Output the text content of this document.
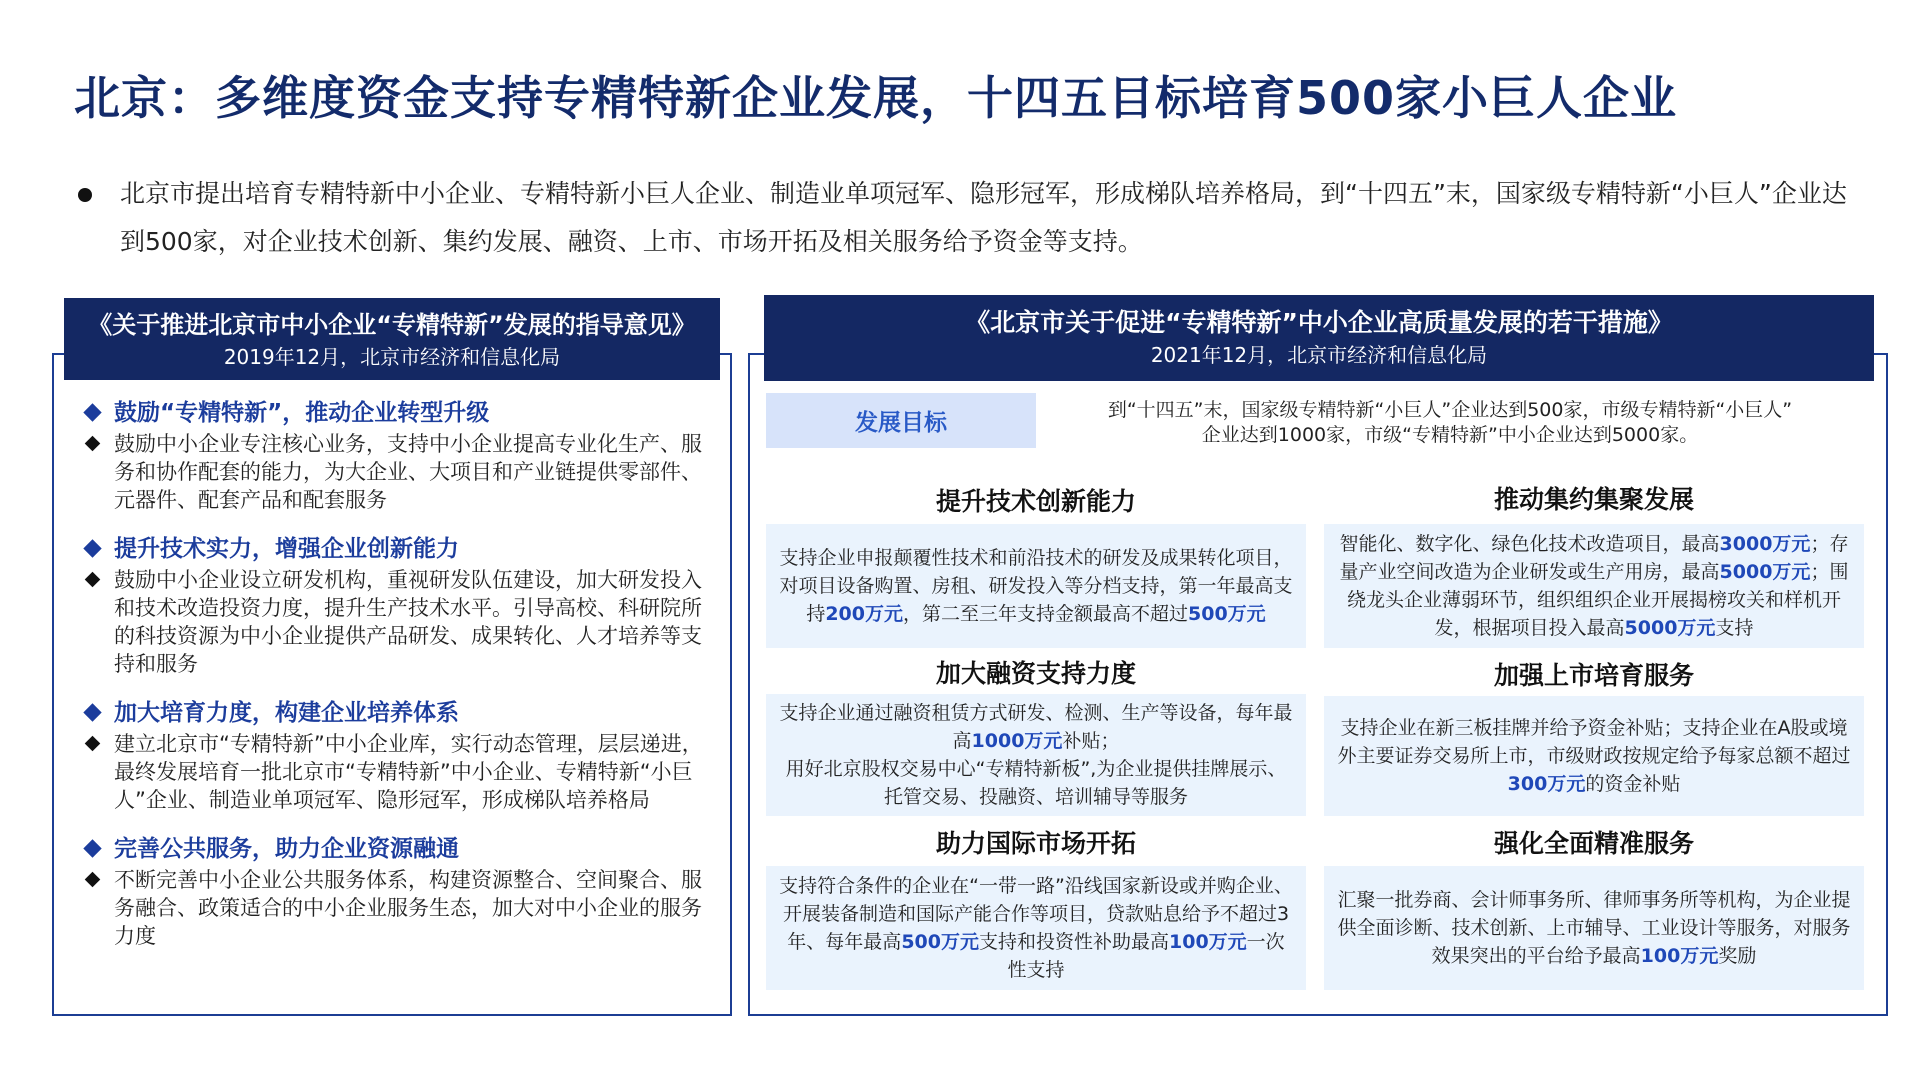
北京：多维度资金支持专精特新企业发展，十四五目标培育500家小巨人企业
北京市提出培育专精特新中小企业、专精特新小巨人企业、制造业单项冠军、隐形冠军，形成梯队培养格局，到“十四五”末，国家级专精特新“小巨人”企业达到500家，对企业技术创新、集约发展、融资、上市、市场开拓及相关服务给予资金等支持。
《关于推进北京市中小企业“专精特新”发展的指导意见》
2019年12月，北京市经济和信息化局
鼓励“专精特新”，推动企业转型升级
鼓励中小企业专注核心业务，支持中小企业提高专业化生产、服务和协作配套的能力，为大企业、大项目和产业链提供零部件、元器件、配套产品和配套服务
提升技术实力，增强企业创新能力
鼓励中小企业设立研发机构，重视研发队伍建设，加大研发投入和技术改造投资力度，提升生产技术水平。引导高校、科研院所的科技资源为中小企业提供产品研发、成果转化、人才培养等支持和服务
加大培育力度，构建企业培养体系
建立北京市“专精特新”中小企业库，实行动态管理，层层递进，最终发展培育一批北京市“专精特新”中小企业、专精特新“小巨人”企业、制造业单项冠军、隐形冠军，形成梯队培养格局
完善公共服务，助力企业资源融通
不断完善中小企业公共服务体系，构建资源整合、空间聚合、服务融合、政策适合的中小企业服务生态，加大对中小企业的服务力度
《北京市关于促进“专精特新”中小企业高质量发展的若干措施》
2021年12月，北京市经济和信息化局
发展目标	到“十四五”末，国家级专精特新“小巨人”企业达到500家，市级专精特新“小巨人”
企业达到1000家，市级“专精特新”中小企业达到5000家。
提升技术创新能力
支持企业申报颠覆性技术和前沿技术的研发及成果转化项目，对项目设备购置、房租、研发投入等分档支持，第一年最高支持200万元，第二至三年支持金额最高不超过500万元
推动集约集聚发展
智能化、数字化、绿色化技术改造项目，最高3000万元；存量产业空间改造为企业研发或生产用房，最高5000万元；围绕龙头企业薄弱环节，组织组织企业开展揭榜攻关和样机开发，根据项目投入最高5000万元支持
加大融资支持力度
支持企业通过融资租赁方式研发、检测、生产等设备，每年最高1000万元补贴；
用好北京股权交易中心“专精特新板”,为企业提供挂牌展示、托管交易、投融资、培训辅导等服务
加强上市培育服务
支持企业在新三板挂牌并给予资金补贴；支持企业在A股或境外主要证券交易所上市，市级财政按规定给予每家总额不超过300万元的资金补贴
助力国际市场开拓
支持符合条件的企业在“一带一路”沿线国家新设或并购企业、开展装备制造和国际产能合作等项目，贷款贴息给予不超过3年、每年最高500万元支持和投资性补助最高100万元一次性支持
强化全面精准服务
汇聚一批券商、会计师事务所、律师事务所等机构，为企业提供全面诊断、技术创新、上市辅导、工业设计等服务，对服务效果突出的平台给予最高100万元奖励
